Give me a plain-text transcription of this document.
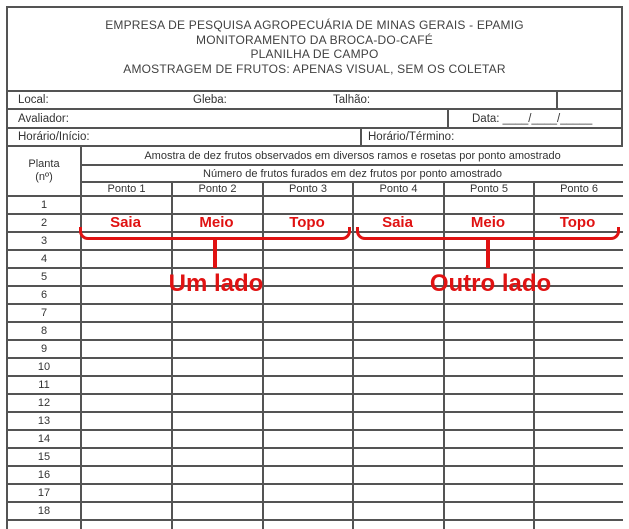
EMPRESA DE PESQUISA AGROPECUÁRIA DE MINAS GERAIS - EPAMIG
MONITORAMENTO DA BROCA-DO-CAFÉ
PLANILHA DE CAMPO
AMOSTRAGEM DE FRUTOS: APENAS VISUAL, SEM OS COLETAR
Local:	Gleba:	Talhão:
Avaliador:	Data: ____/____/_____
Horário/Início:	Horário/Término:
Planta
(nº)	Amostra de dez frutos observados em diversos ramos e rosetas por ponto amostrado					
	Número de frutos furados em dez frutos por ponto amostrado					
	Ponto 1	Ponto 2	Ponto 3	Ponto 4	Ponto 5	Ponto 6
1						
2						
3						
4						
5						
6						
7						
8						
9						
10						
11						
12						
13						
14						
15						
16						
17						
18						

Saia	Meio	Topo	Saia	Meio	Topo
Um lado	Outro lado
